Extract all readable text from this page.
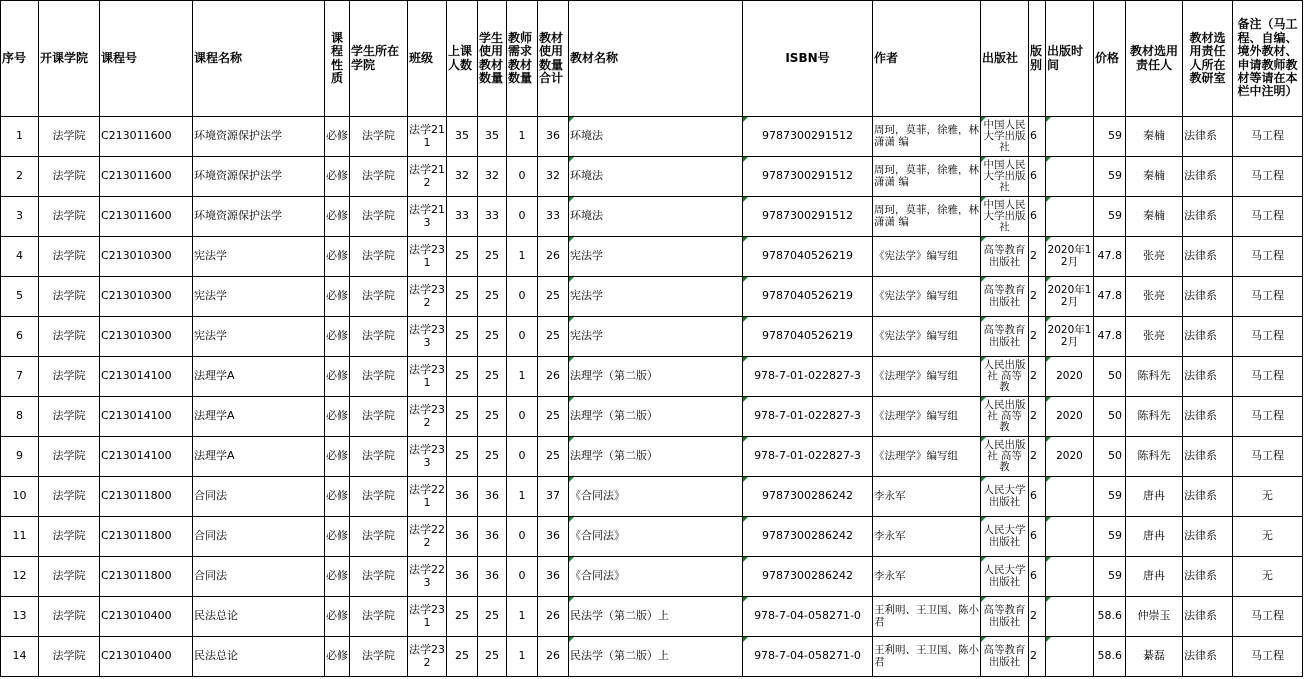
序号	开课学院	课程号	课程名称	课程性质	学生所在学院	班级	上课人数	学生使用教材数量	教师需求教材数量	教材使用数量合计	教材名称	ISBN号	作者	出版社	版别	出版时间	价格	教材选用责任人	教材选用责任人所在教研室	备注（马工程、自编、境外教材、申请教师教材等请在本栏中注明）
1	法学院	C213011600	环境资源保护法学	必修	法学院	法学211	35	35	1	36	环境法	9787300291512	周珂，莫菲，徐雅，林潇潇 编	中国人民大学出版社	6		59	秦楠	法律系	马工程
2	法学院	C213011600	环境资源保护法学	必修	法学院	法学212	32	32	0	32	环境法	9787300291512	周珂，莫菲，徐雅，林潇潇 编	中国人民大学出版社	6		59	秦楠	法律系	马工程
3	法学院	C213011600	环境资源保护法学	必修	法学院	法学213	33	33	0	33	环境法	9787300291512	周珂，莫菲，徐雅，林潇潇 编	中国人民大学出版社	6		59	秦楠	法律系	马工程
4	法学院	C213010300	宪法学	必修	法学院	法学231	25	25	1	26	宪法学	9787040526219	《宪法学》编写组	高等教育出版社	2	2020年12月	47.8	张亮	法律系	马工程
5	法学院	C213010300	宪法学	必修	法学院	法学232	25	25	0	25	宪法学	9787040526219	《宪法学》编写组	高等教育出版社	2	2020年12月	47.8	张亮	法律系	马工程
6	法学院	C213010300	宪法学	必修	法学院	法学233	25	25	0	25	宪法学	9787040526219	《宪法学》编写组	高等教育出版社	2	2020年12月	47.8	张亮	法律系	马工程
7	法学院	C213014100	法理学A	必修	法学院	法学231	25	25	1	26	法理学（第二版）	978-7-01-022827-3	《法理学》编写组	人民出版社 高等教	2	2020	50	陈科先	法律系	马工程
8	法学院	C213014100	法理学A	必修	法学院	法学232	25	25	0	25	法理学（第二版）	978-7-01-022827-3	《法理学》编写组	人民出版社 高等教	2	2020	50	陈科先	法律系	马工程
9	法学院	C213014100	法理学A	必修	法学院	法学233	25	25	0	25	法理学（第二版）	978-7-01-022827-3	《法理学》编写组	人民出版社 高等教	2	2020	50	陈科先	法律系	马工程
10	法学院	C213011800	合同法	必修	法学院	法学221	36	36	1	37	《合同法》	9787300286242	李永军	人民大学出版社	6		59	唐冉	法律系	无
11	法学院	C213011800	合同法	必修	法学院	法学222	36	36	0	36	《合同法》	9787300286242	李永军	人民大学出版社	6		59	唐冉	法律系	无
12	法学院	C213011800	合同法	必修	法学院	法学223	36	36	0	36	《合同法》	9787300286242	李永军	人民大学出版社	6		59	唐冉	法律系	无
13	法学院	C213010400	民法总论	必修	法学院	法学231	25	25	1	26	民法学（第二版）上	978-7-04-058271-0	王利明、王卫国、陈小君	高等教育出版社	2		58.6	仲崇玉	法律系	马工程
14	法学院	C213010400	民法总论	必修	法学院	法学232	25	25	1	26	民法学（第二版）上	978-7-04-058271-0	王利明、王卫国、陈小君	高等教育出版社	2		58.6	綦磊	法律系	马工程
